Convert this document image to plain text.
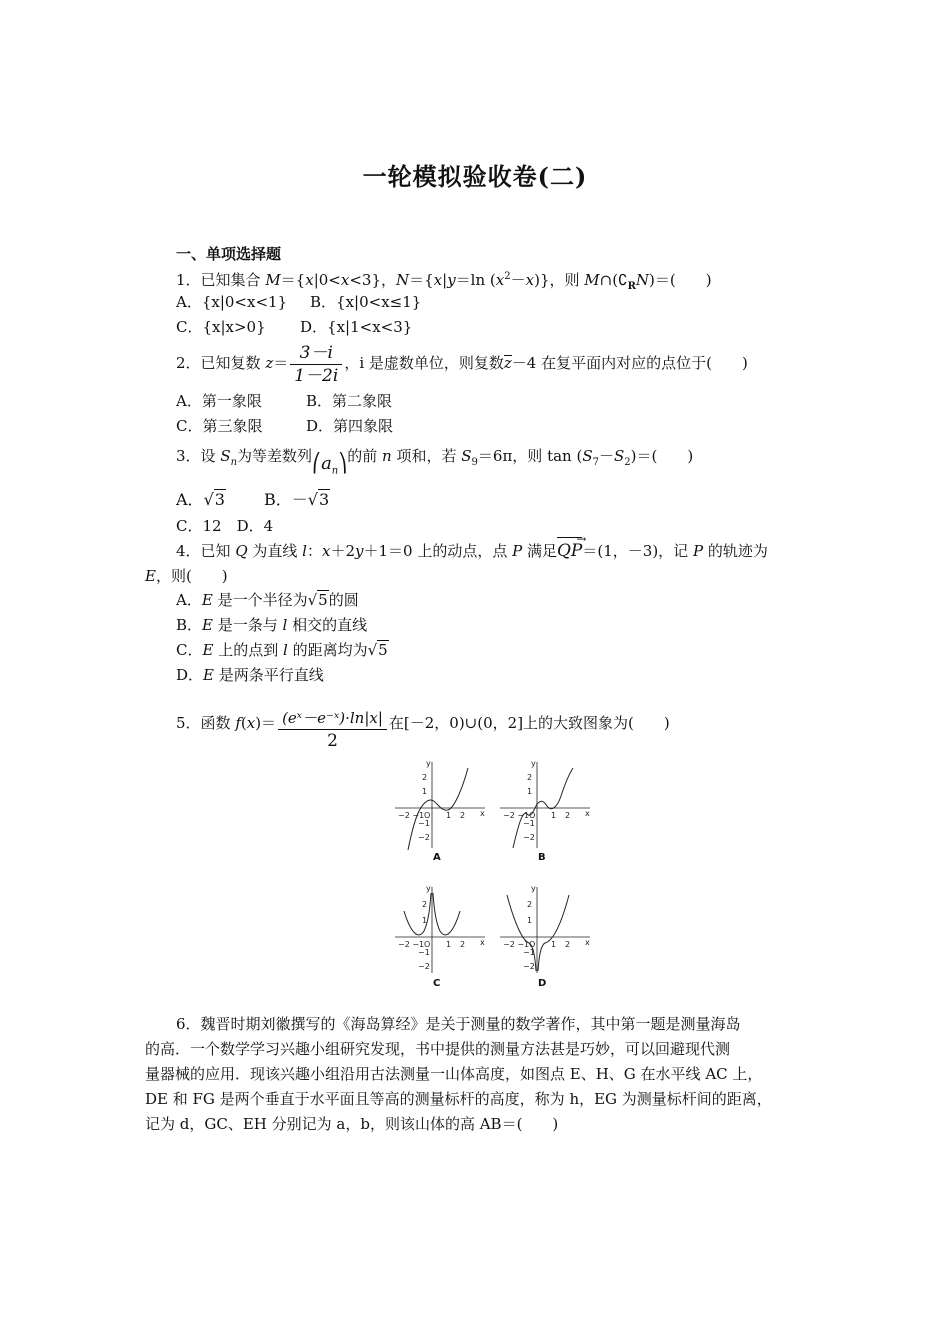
一轮模拟验收卷(二)
一、单项选择题
1．已知集合 M＝{x|0<x<3}，N＝{x|y＝ln $(x^2-x)$}，则 $M\cap(∁_RN)=$(　　)
A．{x|0<x<1} B．{x|0<x≤1}
C．{x|x>0} D．{x|1<x<3}
2．已知复数 $z= \frac{3-i}{1-2i}$ ，i 是虚数单位，则复数z－4 在复平面内对应的点位于(　　)
A．第一象限	B．第二象限
C．第三象限	D．第四象限
3．设 $S_n$为等差数列$⎛a_n⎞$的前 n 项和，若 $S_9=6\pi$，则 $\tan (S_7-S_2)=$(　　)
A．√3 B．－√3
C．12　D．4
4．已知 Q 为直线 l：x＋2y＋1＝0 上的动点，点 P 满足QP →＝(1，－3)，记 P 的轨迹为
E，则(　　)
A．E 是一个半径为√5的圆
B．E 是一条与 l 相交的直线
C．E 上的点到 l 的距离均为√5
D．E 是两条平行直线
5．函数 $f(x)= \frac{\text{(eˣ－e⁻ˣ)·ln|x|}}{2}$ 在[－2，0)∪(0，2]上的大致图象为(　　)
−2 −1 O 1 2 x
2
1
−1
−2
y
A
−2 −1 O 1 2 x
2
1
−1
−2
y
B
−2 −1 O 1 2 x
2
1
−1
−2
y
C
−2 −1 O 1 2 x
2
1
−1
−2
y
D
6．魏晋时期刘徽撰写的《海岛算经》是关于测量的数学著作，其中第一题是测量海岛
的高．一个数学学习兴趣小组研究发现，书中提供的测量方法甚是巧妙，可以回避现代测
量器械的应用．现该兴趣小组沿用古法测量一山体高度，如图点 E、H、G 在水平线 AC 上，
DE 和 FG 是两个垂直于水平面且等高的测量标杆的高度，称为 h，EG 为测量标杆间的距离，
记为 d，GC、EH 分别记为 a，b，则该山体的高 AB＝(　　)
